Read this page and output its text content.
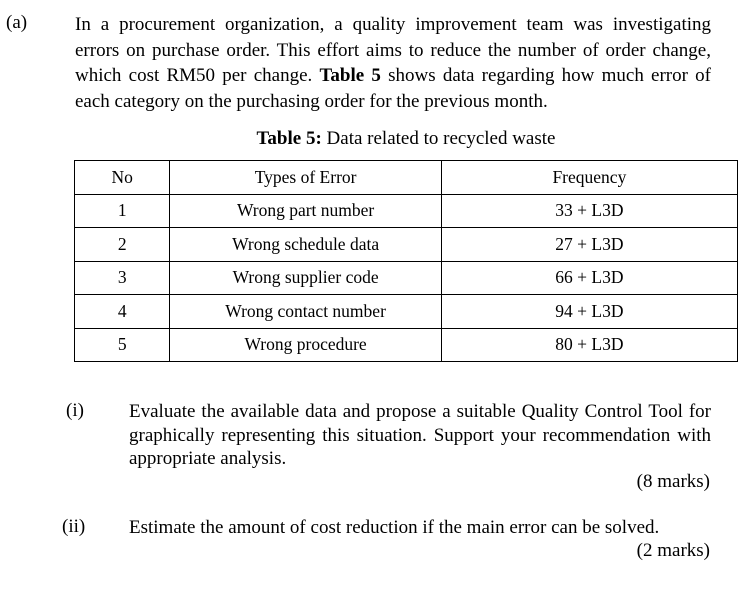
(a)	In a procurement organization, a quality improvement team was investigating errors on purchase order. This effort aims to reduce the number of order change, which cost RM50 per change. Table 5 shows data regarding how much error of each category on the purchasing order for the previous month.
Table 5: Data related to recycled waste
No	Types of Error	Frequency
1	Wrong part number	33 + L3D
2	Wrong schedule data	27 + L3D
3	Wrong supplier code	66 + L3D
4	Wrong contact number	94 + L3D
5	Wrong procedure	80 + L3D
(i) Evaluate the available data and propose a suitable Quality Control Tool for graphically representing this situation. Support your recommendation with appropriate analysis.
(8 marks)
(ii) Estimate the amount of cost reduction if the main error can be solved.
(2 marks)
